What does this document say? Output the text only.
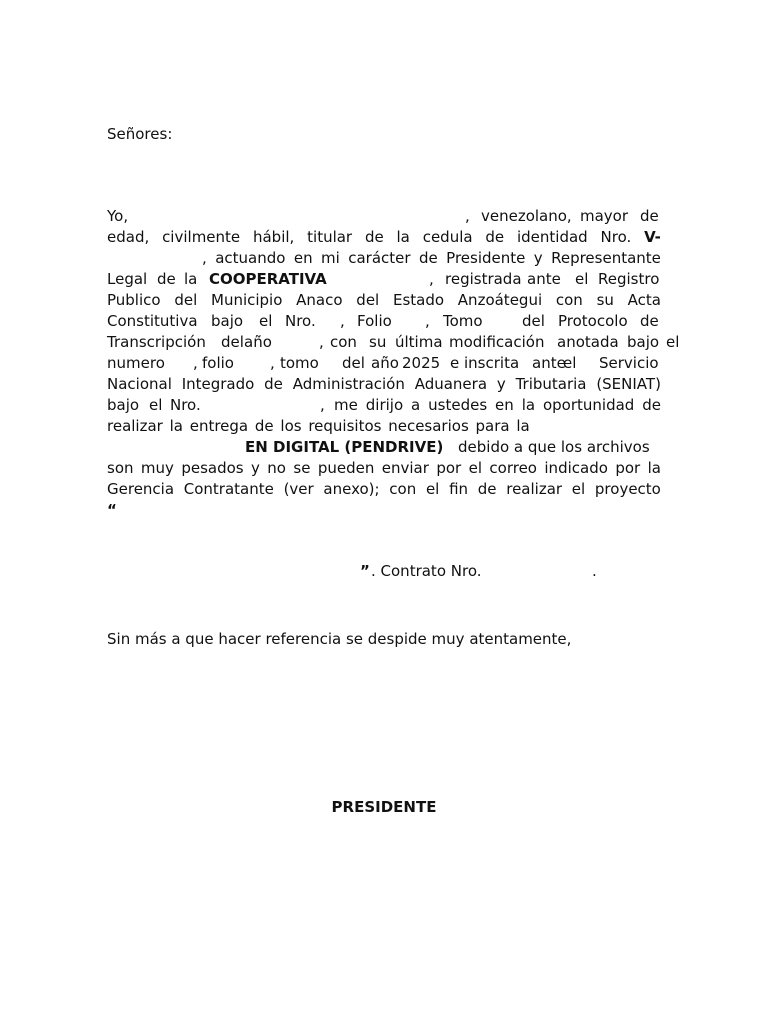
Señores:
Yo,	, venezolano, mayor de
edad, civilmente hábil, titular de la cedula de identidad Nro. V-
, actuando en mi carácter de Presidente y Representante
Legal de la COOPERATIVA	, registrada ante el Registro
Publico del Municipio Anaco del Estado Anzoátegui con su Acta
Constitutiva bajo el Nro. , Folio , Tomo	del Protocolo de
Transcripción del año	, con su última modificación anotada bajo el
numero , folio , tomo del año 2025 e inscrita ante
el Servicio
Nacional Integrado de Administración Aduanera y Tributaria (SENIAT)
bajo el Nro.	, me dirijo a ustedes en la oportunidad de
realizar la entrega de los requisitos necesarios para la
EN DIGITAL (PENDRIVE) debido a que los archivos
son muy pesados y no se pueden enviar por el correo indicado por la
Gerencia Contratante (ver anexo); con el fin de realizar el proyecto
“
” . Contrato Nro.	.
Sin más a que hacer referencia se despide muy atentamente,
PRESIDENTE
